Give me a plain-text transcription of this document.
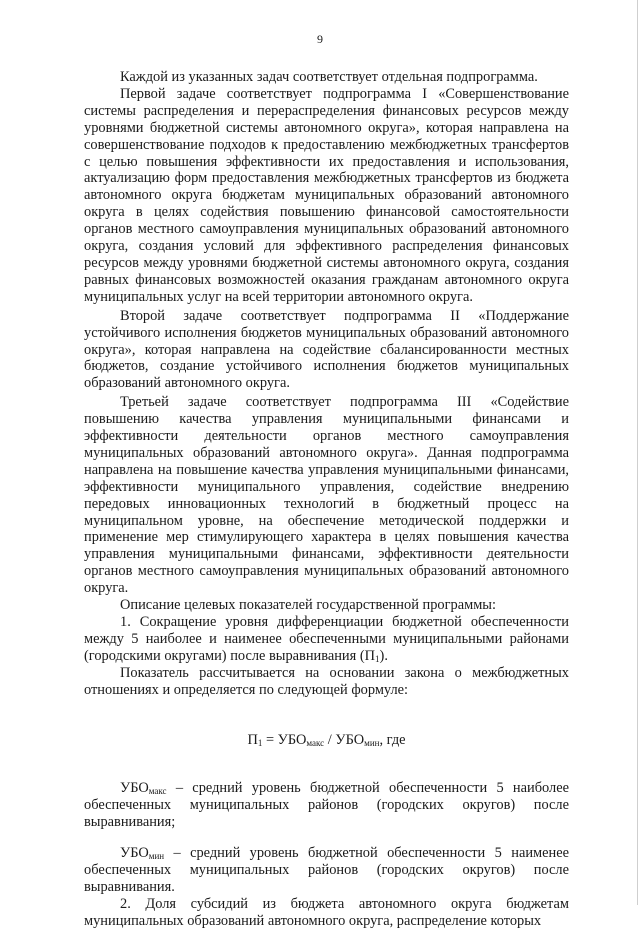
9

Каждой из указанных задач соответствует отдельная подпрограмма.

Первой задаче соответствует подпрограмма I «Совершенствование системы распределения и перераспределения финансовых ресурсов между уровнями бюджетной системы автономного округа», которая направлена на совершенствование подходов к предоставлению межбюджетных трансфертов с целью повышения эффективности их предоставления и использования, актуализацию форм предоставления межбюджетных трансфертов из бюджета автономного округа бюджетам муниципальных образований автономного округа в целях содействия повышению финансовой самостоятельности органов местного самоуправления муниципальных образований автономного округа, создания условий для эффективного распределения финансовых ресурсов между уровнями бюджетной системы автономного округа, создания равных финансовых возможностей оказания гражданам автономного округа муниципальных услуг на всей территории автономного округа.

Второй задаче соответствует подпрограмма II «Поддержание устойчивого исполнения бюджетов муниципальных образований автономного округа», которая направлена на содействие сбалансированности местных бюджетов, создание устойчивого исполнения бюджетов муниципальных образований автономного округа.

Третьей задаче соответствует подпрограмма III «Содействие повышению качества управления муниципальными финансами и эффективности деятельности органов местного самоуправления муниципальных образований автономного округа». Данная подпрограмма направлена на повышение качества управления муниципальными финансами, эффективности муниципального управления, содействие внедрению передовых инновационных технологий в бюджетный процесс на муниципальном уровне, на обеспечение методической поддержки и применение мер стимулирующего характера в целях повышения качества управления муниципальными финансами, эффективности деятельности органов местного самоуправления муниципальных образований автономного округа.

Описание целевых показателей государственной программы:

1. Сокращение уровня дифференциации бюджетной обеспеченности между 5 наиболее и наименее обеспеченными муниципальными районами (городскими округами) после выравнивания $(П_1)$.

Показатель рассчитывается на основании закона о межбюджетных отношениях и определяется по следующей формуле:

$П_1 = УБО_{макс} / УБО_{мин}$, где

$УБО_{макс}$ – средний уровень бюджетной обеспеченности 5 наиболее обеспеченных муниципальных районов (городских округов) после выравнивания;

$УБО_{мин}$ – средний уровень бюджетной обеспеченности 5 наименее обеспеченных муниципальных районов (городских округов) после выравнивания.

2. Доля субсидий из бюджета автономного округа бюджетам муниципальных образований автономного округа, распределение которых
